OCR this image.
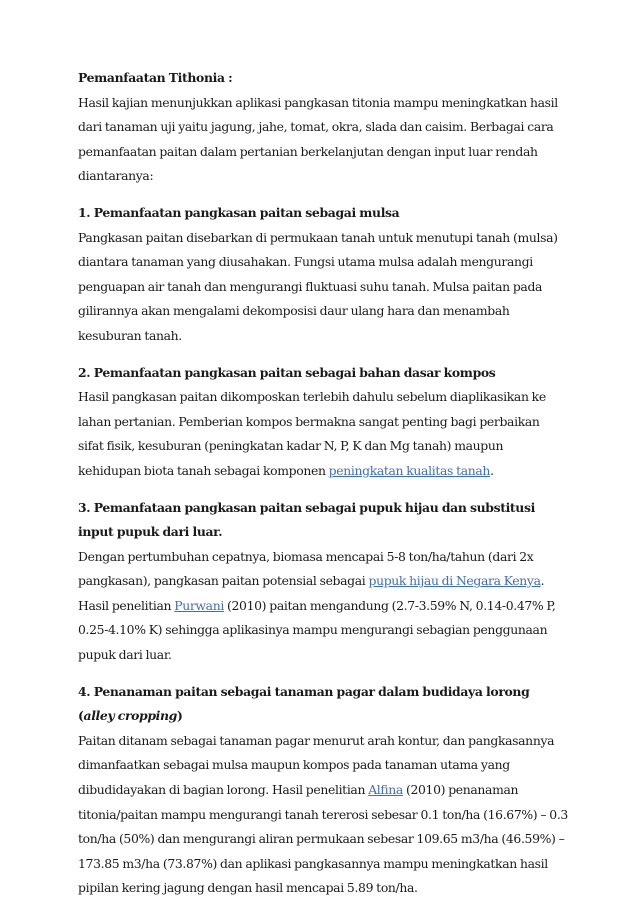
Pemanfaatan Tithonia :

Hasil kajian menunjukkan aplikasi pangkasan titonia mampu meningkatkan hasil dari tanaman uji yaitu jagung, jahe, tomat, okra, slada dan caisim. Berbagai cara pemanfaatan paitan dalam pertanian berkelanjutan dengan input luar rendah diantaranya:

1. Pemanfaatan pangkasan paitan sebagai mulsa

Pangkasan paitan disebarkan di permukaan tanah untuk menutupi tanah (mulsa) diantara tanaman yang diusahakan. Fungsi utama mulsa adalah mengurangi penguapan air tanah dan mengurangi fluktuasi suhu tanah. Mulsa paitan pada gilirannya akan mengalami dekomposisi daur ulang hara dan menambah kesuburan tanah.

2. Pemanfaatan pangkasan paitan sebagai bahan dasar kompos

Hasil pangkasan paitan dikomposkan terlebih dahulu sebelum diaplikasikan ke lahan pertanian. Pemberian kompos bermakna sangat penting bagi perbaikan sifat fisik, kesuburan (peningkatan kadar N, P, K dan Mg tanah) maupun kehidupan biota tanah sebagai komponen peningkatan kualitas tanah.

3. Pemanfataan pangkasan paitan sebagai pupuk hijau dan substitusi input pupuk dari luar.

Dengan pertumbuhan cepatnya, biomasa mencapai 5-8 ton/ha/tahun (dari 2x pangkasan), pangkasan paitan potensial sebagai pupuk hijau di Negara Kenya. Hasil penelitian Purwani (2010) paitan mengandung (2.7-3.59% N, 0.14-0.47% P, 0.25-4.10% K) sehingga aplikasinya mampu mengurangi sebagian penggunaan pupuk dari luar.

4. Penanaman paitan sebagai tanaman pagar dalam budidaya lorong (alley cropping)

Paitan ditanam sebagai tanaman pagar menurut arah kontur, dan pangkasannya dimanfaatkan sebagai mulsa maupun kompos pada tanaman utama yang dibudidayakan di bagian lorong. Hasil penelitian Alfina (2010) penanaman titonia/paitan mampu mengurangi tanah tererosi sebesar 0.1 ton/ha (16.67%) – 0.3 ton/ha (50%) dan mengurangi aliran permukaan sebesar 109.65 m3/ha (46.59%) – 173.85 m3/ha (73.87%) dan aplikasi pangkasannya mampu meningkatkan hasil pipilan kering jagung dengan hasil mencapai 5.89 ton/ha.
